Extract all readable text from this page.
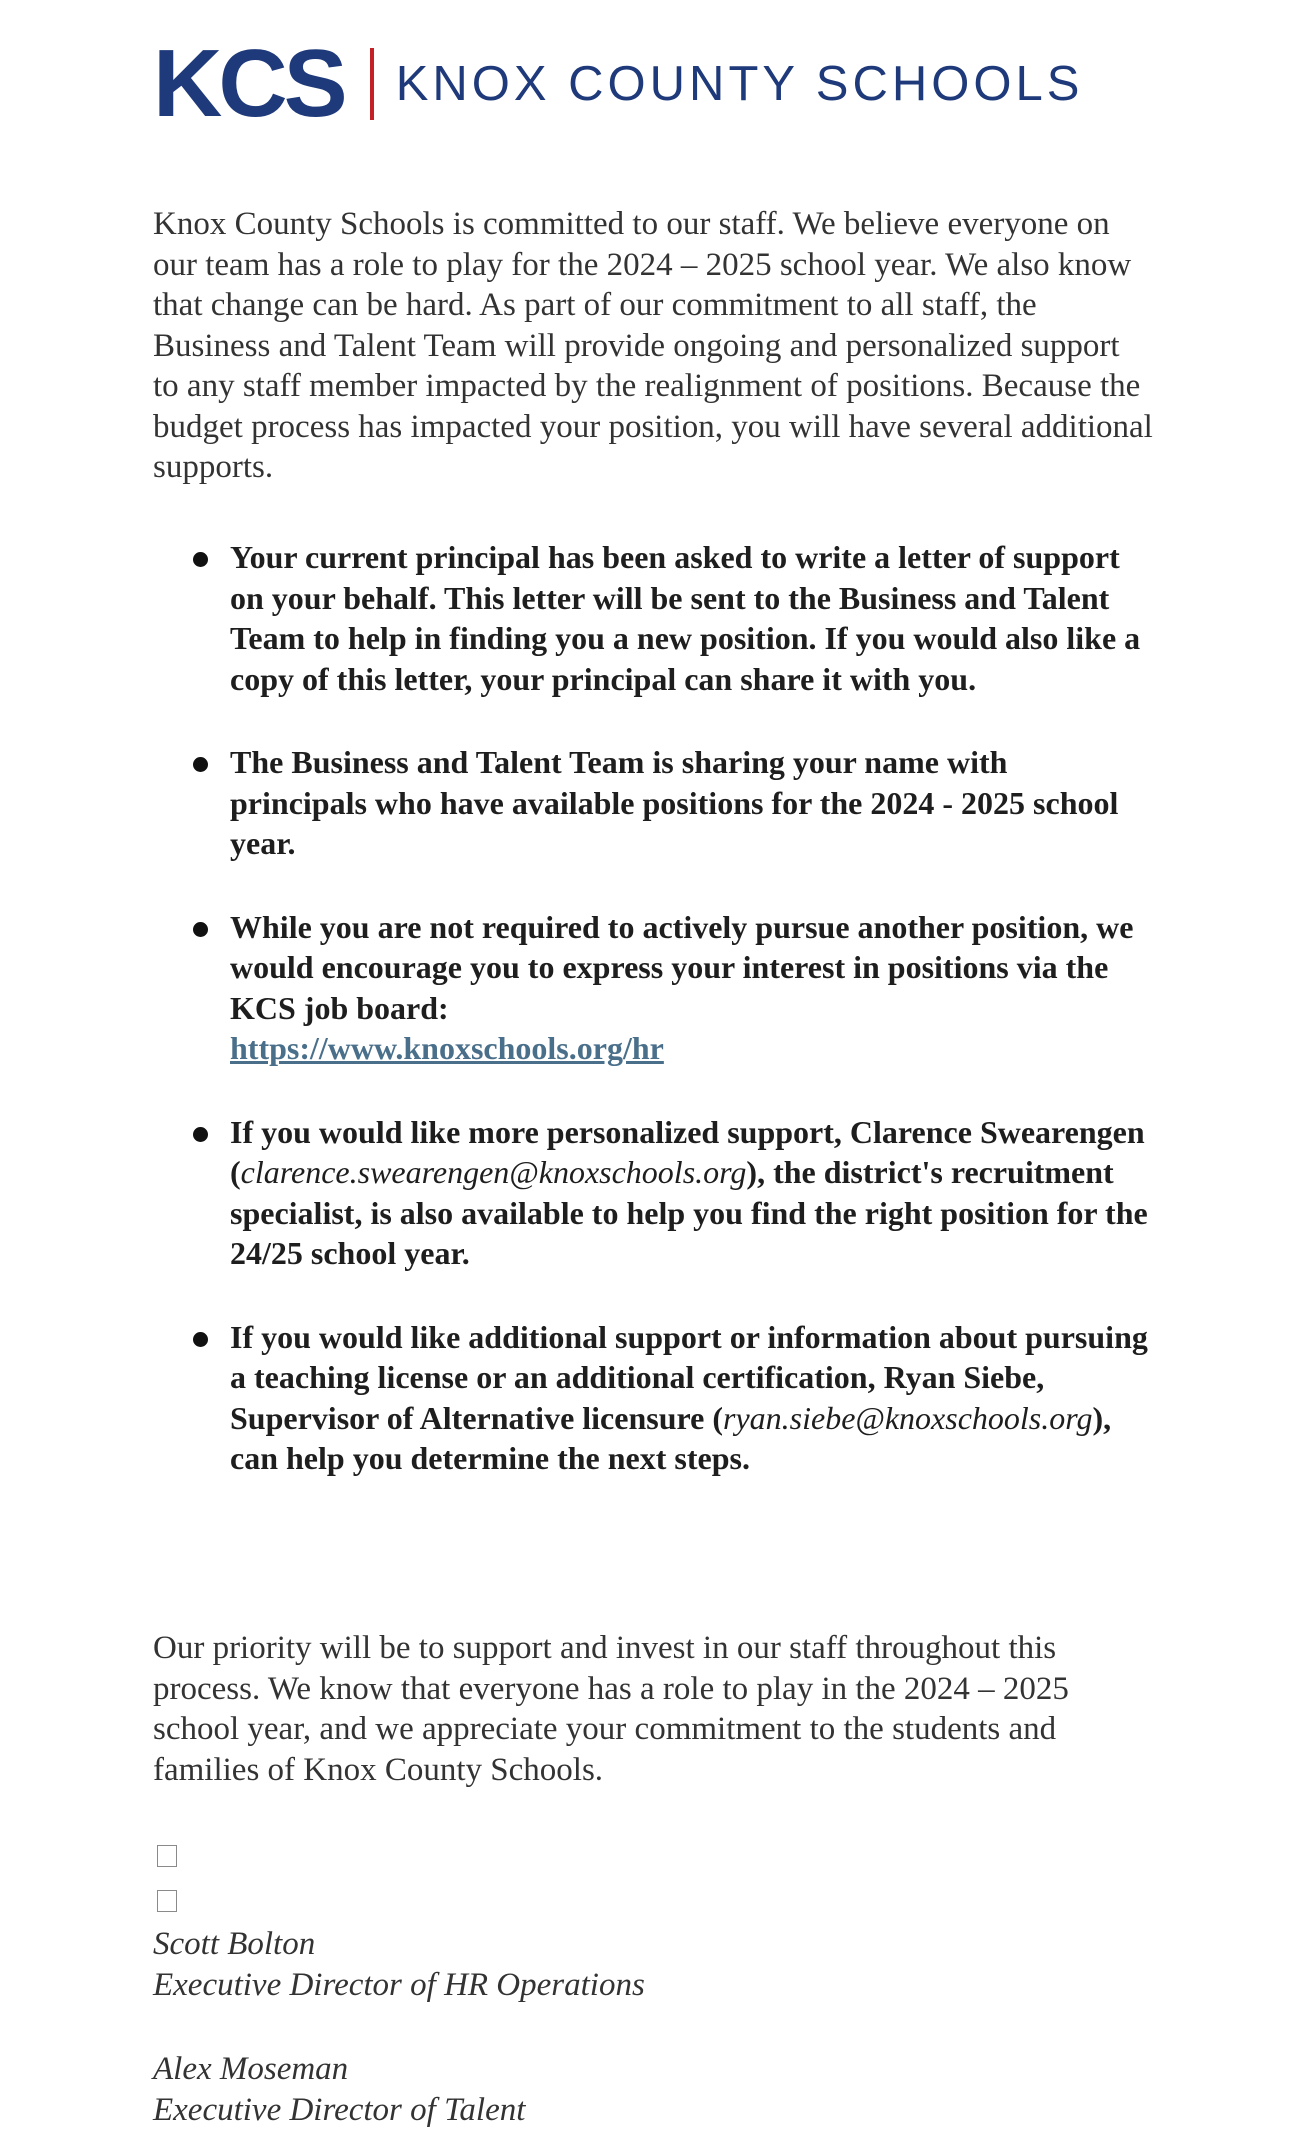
KCS KNOX COUNTY SCHOOLS

Knox County Schools is committed to our staff. We believe everyone on our team has a role to play for the 2024 – 2025 school year. We also know that change can be hard. As part of our commitment to all staff, the Business and Talent Team will provide ongoing and personalized support to any staff member impacted by the realignment of positions. Because the budget process has impacted your position, you will have several additional supports.

Your current principal has been asked to write a letter of support on your behalf. This letter will be sent to the Business and Talent Team to help in finding you a new position. If you would also like a copy of this letter, your principal can share it with you.
The Business and Talent Team is sharing your name with principals who have available positions for the 2024 - 2025 school year.
While you are not required to actively pursue another position, we would encourage you to express your interest in positions via the KCS job board:
https://www.knoxschools.org/hr
If you would like more personalized support, Clarence Swearengen (clarence.swearengen@knoxschools.org), the district's recruitment specialist, is also available to help you find the right position for the 24/25 school year.
If you would like additional support or information about pursuing a teaching license or an additional certification, Ryan Siebe, Supervisor of Alternative licensure (ryan.siebe@knoxschools.org), can help you determine the next steps.

Our priority will be to support and invest in our staff throughout this process. We know that everyone has a role to play in the 2024 – 2025 school year, and we appreciate your commitment to the students and families of Knox County Schools.

Scott Bolton
Executive Director of HR Operations
Alex Moseman
Executive Director of Talent
